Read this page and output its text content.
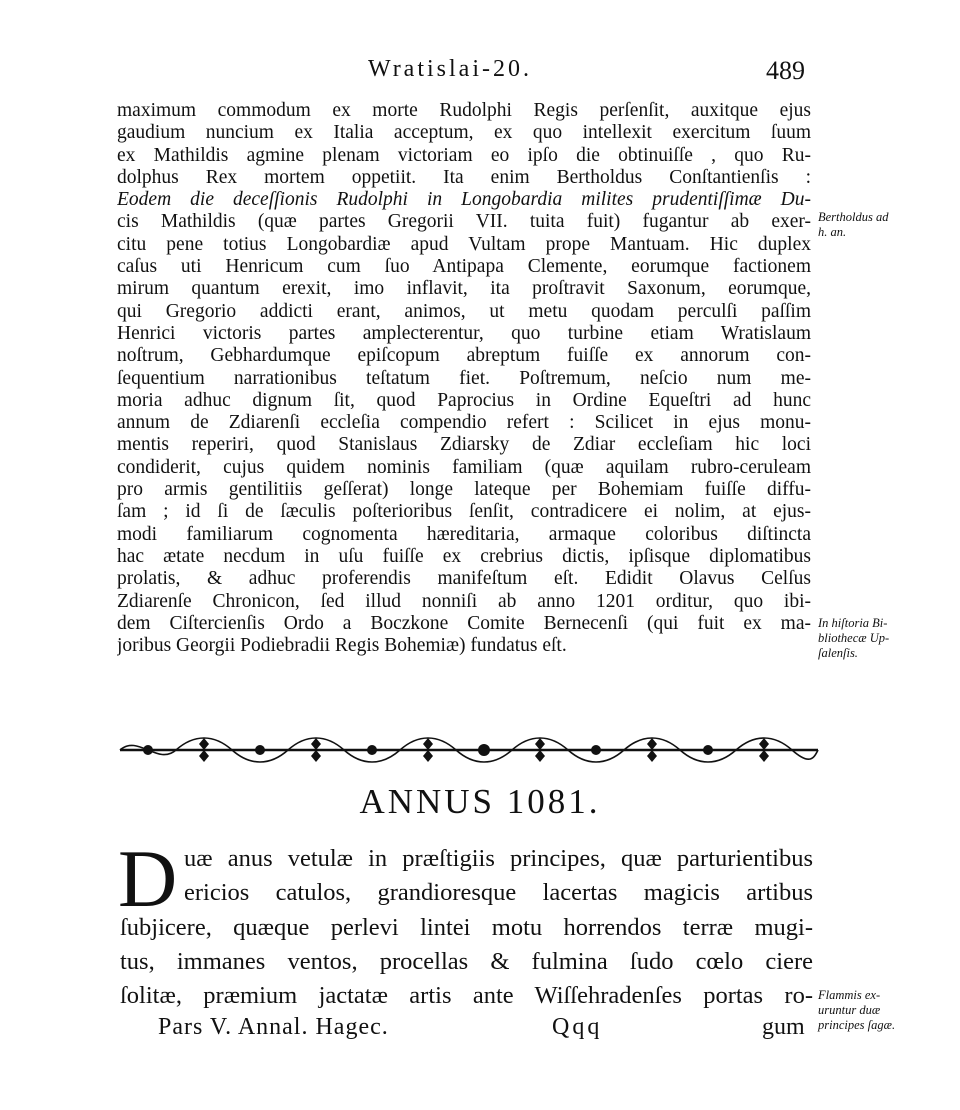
Wratislai-20.	489
maximum commodum ex morte Rudolphi Regis perſenſit, auxitque ejus
gaudium nuncium ex Italia acceptum, ex quo intellexit exercitum ſuum
ex Mathildis agmine plenam victoriam eo ipſo die obtinuiſſe , quo Ru-
dolphus Rex mortem oppetiit. Ita enim Bertholdus Conſtantienſis :
Eodem die deceſſionis Rudolphi in Longobardia milites prudentiſſimæ Du-
cis Mathildis (quæ partes Gregorii VII. tuita fuit) fugantur ab exer-
citu pene totius Longobardiæ apud Vultam prope Mantuam. Hic duplex
caſus uti Henricum cum ſuo Antipapa Clemente, eorumque factionem
mirum quantum erexit, imo inflavit, ita proſtravit Saxonum, eorumque,
qui Gregorio addicti erant, animos, ut metu quodam perculſi paſſim
Henrici victoris partes amplecterentur, quo turbine etiam Wratislaum
noſtrum, Gebhardumque epiſcopum abreptum fuiſſe ex annorum con-
ſequentium narrationibus teſtatum fiet. Poſtremum, neſcio num me-
moria adhuc dignum ſit, quod Paprocius in Ordine Equeſtri ad hunc
annum de Zdiarenſi eccleſia compendio refert : Scilicet in ejus monu-
mentis reperiri, quod Stanislaus Zdiarsky de Zdiar eccleſiam hic loci
condiderit, cujus quidem nominis familiam (quæ aquilam rubro-ceruleam
pro armis gentilitiis geſſerat) longe lateque per Bohemiam fuiſſe diffu-
ſam ; id ſi de ſæculis poſterioribus ſenſit, contradicere ei nolim, at ejus-
modi familiarum cognomenta hæreditaria, armaque coloribus diſtincta
hac ætate necdum in uſu fuiſſe ex crebrius dictis, ipſisque diplomatibus
prolatis, & adhuc proferendis manifeſtum eſt. Edidit Olavus Celſus
Zdiarenſe Chronicon, ſed illud nonniſi ab anno 1201 orditur, quo ibi-
dem Ciſtercienſis Ordo a Boczkone Comite Bernecenſi (qui fuit ex ma-
joribus Georgii Podiebradii Regis Bohemiæ) fundatus eſt.
Bertholdus ad
h. an.
In hiſtoria Bi-
bliothecæ Up-
ſalenſis.
Flammis ex-
uruntur duæ
principes ſagæ.
ANNUS 1081.
D uæ anus vetulæ in præſtigiis principes, quæ parturientibus
ericios catulos, grandioresque lacertas magicis artibus
ſubjicere, quæque perlevi lintei motu horrendos terræ mugi-
tus, immanes ventos, procellas & fulmina ſudo cœlo ciere
ſolitæ, præmium jactatæ artis ante Wiſſehradenſes portas ro-
Pars V. Annal. Hagec.	Qqq	gum
